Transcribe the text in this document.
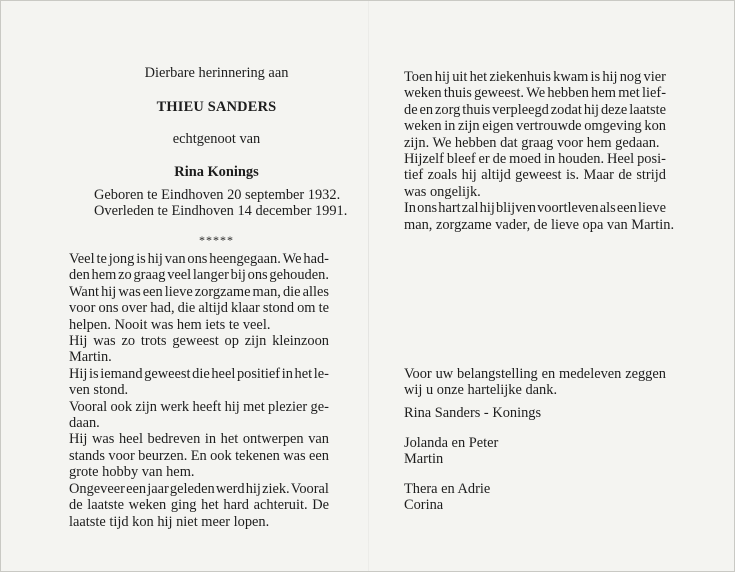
Dierbare herinnering aan
THIEU SANDERS
echtgenoot van
Rina Konings
Geboren te Eindhoven 20 september 1932.
Overleden te Eindhoven 14 december 1991.
*****
Veel te jong is hij van ons heengegaan. We had-
den hem zo graag veel langer bij ons gehouden.
Want hij was een lieve zorgzame man, die alles
voor ons over had, die altijd klaar stond om te
helpen. Nooit was hem iets te veel.
Hij was zo trots geweest op zijn kleinzoon
Martin.
Hij is iemand geweest die heel positief in het le-
ven stond.
Vooral ook zijn werk heeft hij met plezier ge-
daan.
Hij was heel bedreven in het ontwerpen van
stands voor beurzen. En ook tekenen was een
grote hobby van hem.
Ongeveer een jaar geleden werd hij ziek. Vooral
de laatste weken ging het hard achteruit. De
laatste tijd kon hij niet meer lopen.
Toen hij uit het ziekenhuis kwam is hij nog vier
weken thuis geweest. We hebben hem met lief-
de en zorg thuis verpleegd zodat hij deze laatste
weken in zijn eigen vertrouwde omgeving kon
zijn. We hebben dat graag voor hem gedaan.
Hijzelf bleef er de moed in houden. Heel posi-
tief zoals hij altijd geweest is. Maar de strijd
was ongelijk.
In ons hart zal hij blijven voortleven als een lieve
man, zorgzame vader, de lieve opa van Martin.
Voor uw belangstelling en medeleven zeggen
wij u onze hartelijke dank.
Rina Sanders - Konings
Jolanda en Peter
Martin
Thera en Adrie
Corina
